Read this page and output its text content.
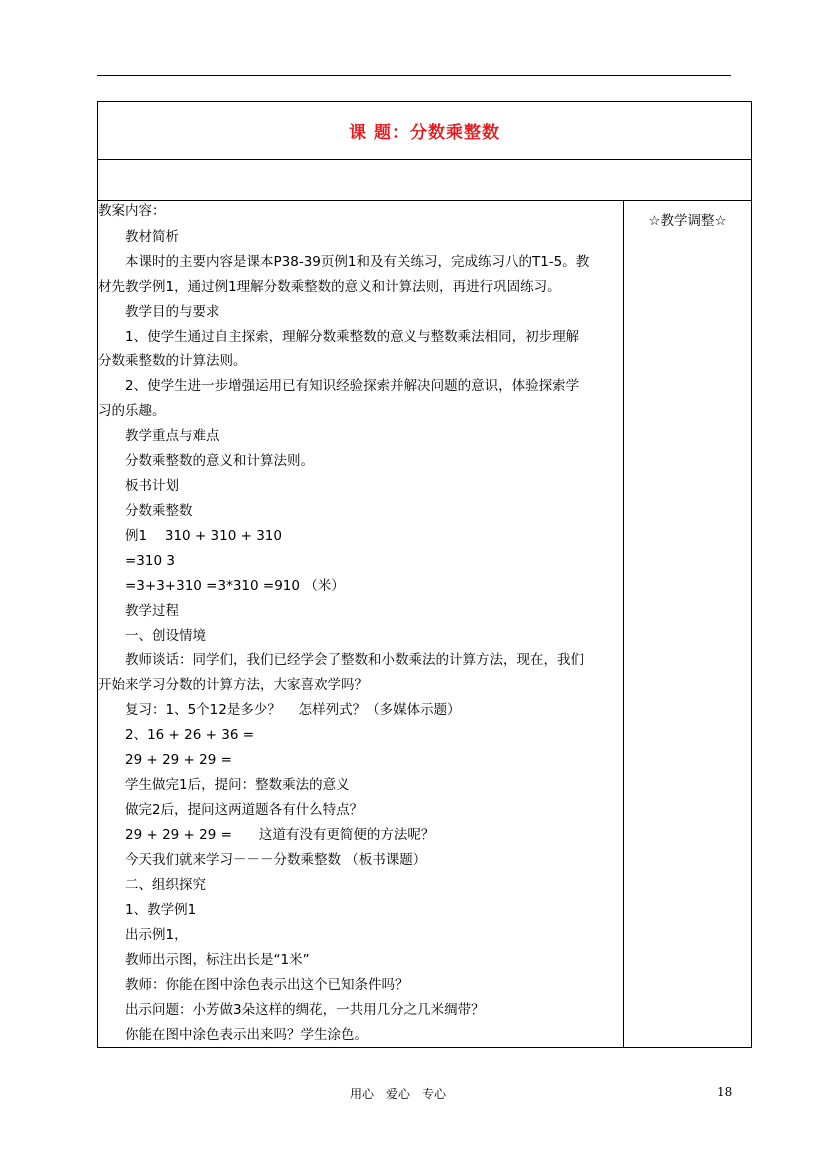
课 题：分数乘整数
教案内容：
　　教材简析
　　本课时的主要内容是课本P38-39页例1和及有关练习，完成练习八的T1-5。教
材先教学例1，通过例1理解分数乘整数的意义和计算法则，再进行巩固练习。
　　教学目的与要求
　　1、使学生通过自主探索，理解分数乘整数的意义与整数乘法相同，初步理解
分数乘整数的计算法则。
　　2、使学生进一步增强运用已有知识经验探索并解决问题的意识，体验探索学
习的乐趣。
　　教学重点与难点
　　分数乘整数的意义和计算法则。
　　板书计划
　　分数乘整数
　　例1　 310 + 310 + 310
　　=310 3
　　=3+3+310 =3*310 =910 （米）
　　教学过程
　　一、创设情境
　　教师谈话：同学们，我们已经学会了整数和小数乘法的计算方法，现在，我们
开始来学习分数的计算方法，大家喜欢学吗？
　　复习：1、5个12是多少？　 怎样列式？（多媒体示题）
　　2、16 + 26 + 36 =
　　29 + 29 + 29 =
　　学生做完1后，提问：整数乘法的意义
　　做完2后，提问这两道题各有什么特点？
　　29 + 29 + 29 =　　这道有没有更简便的方法呢？
　　今天我们就来学习－－－分数乘整数 （板书课题）
　　二、组织探究
　　1、教学例1
　　出示例1，
　　教师出示图，标注出长是“1米”
　　教师：你能在图中涂色表示出这个已知条件吗？
　　出示问题：小芳做3朵这样的绸花，一共用几分之几米绸带？
　　你能在图中涂色表示出来吗？学生涂色。
☆教学调整☆
用心　爱心　专心	18
